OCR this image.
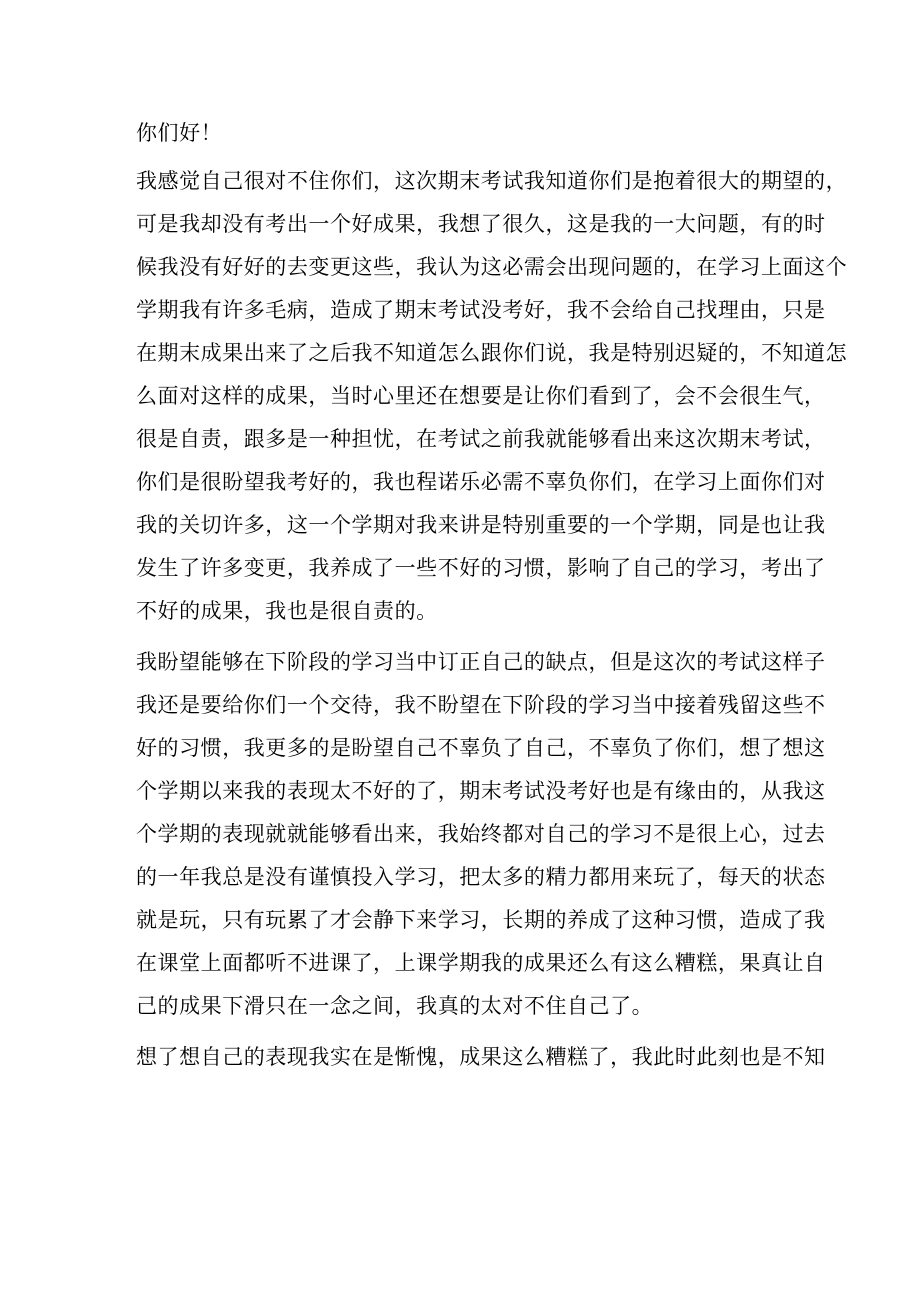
你们好！
我感觉自己很对不住你们，这次期末考试我知道你们是抱着很大的期望的，
可是我却没有考出一个好成果，我想了很久，这是我的一大问题，有的时
候我没有好好的去变更这些，我认为这必需会出现问题的，在学习上面这个
学期我有许多毛病，造成了期末考试没考好，我不会给自己找理由，只是
在期末成果出来了之后我不知道怎么跟你们说，我是特别迟疑的，不知道怎
么面对这样的成果，当时心里还在想要是让你们看到了，会不会很生气，
很是自责，跟多是一种担忧，在考试之前我就能够看出来这次期末考试，
你们是很盼望我考好的，我也程诺乐必需不辜负你们，在学习上面你们对
我的关切许多，这一个学期对我来讲是特别重要的一个学期，同是也让我
发生了许多变更，我养成了一些不好的习惯，影响了自己的学习，考出了
不好的成果，我也是很自责的。
我盼望能够在下阶段的学习当中订正自己的缺点，但是这次的考试这样子
我还是要给你们一个交待，我不盼望在下阶段的学习当中接着残留这些不
好的习惯，我更多的是盼望自己不辜负了自己，不辜负了你们，想了想这
个学期以来我的表现太不好的了，期末考试没考好也是有缘由的，从我这
个学期的表现就就能够看出来，我始终都对自己的学习不是很上心，过去
的一年我总是没有谨慎投入学习，把太多的精力都用来玩了，每天的状态
就是玩，只有玩累了才会静下来学习，长期的养成了这种习惯，造成了我
在课堂上面都听不进课了，上课学期我的成果还么有这么糟糕，果真让自
己的成果下滑只在一念之间，我真的太对不住自己了。
想了想自己的表现我实在是惭愧，成果这么糟糕了，我此时此刻也是不知
